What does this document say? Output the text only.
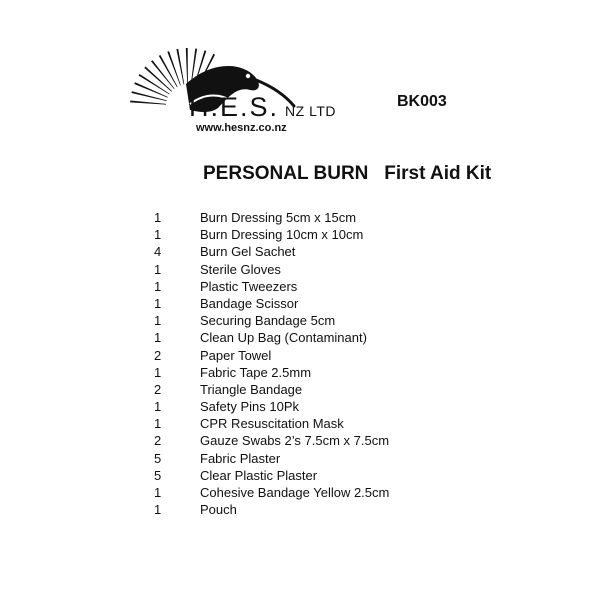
H.E.S. NZ LTD
www.hesnz.co.nz
BK003
PERSONAL BURN   First Aid Kit
1	Burn Dressing 5cm x 15cm
1	Burn Dressing 10cm x 10cm
4	Burn Gel Sachet
1	Sterile Gloves
1	Plastic Tweezers
1	Bandage Scissor
1	Securing Bandage 5cm
1	Clean Up Bag (Contaminant)
2	Paper Towel
1	Fabric Tape 2.5mm
2	Triangle Bandage
1	Safety Pins 10Pk
1	CPR Resuscitation Mask
2	Gauze Swabs 2’s 7.5cm x 7.5cm
5	Fabric Plaster
5	Clear Plastic Plaster
1	Cohesive Bandage Yellow 2.5cm
1	Pouch
